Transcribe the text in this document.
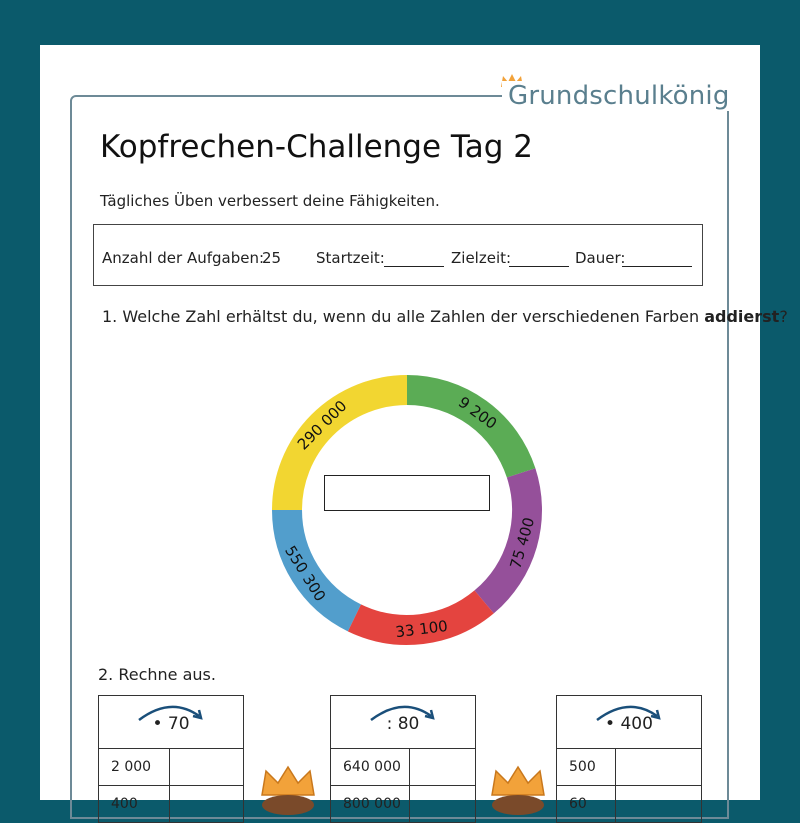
Grundschulkönig
Kopfrechen-Challenge Tag 2
Tägliches Üben verbessert deine Fähigkeiten.
Anzahl der Aufgaben:
25 Startzeit:	Zielzeit:	Dauer:
1. Welche Zahl erhältst du, wenn du alle Zahlen der verschiedenen Farben addierst?
9 200
75 400
33 100
550 300
290 000
2. Rechne aus.
• 70	

2 000	
400	
: 80	

640 000	
800 000	
• 400	

500	
60	
